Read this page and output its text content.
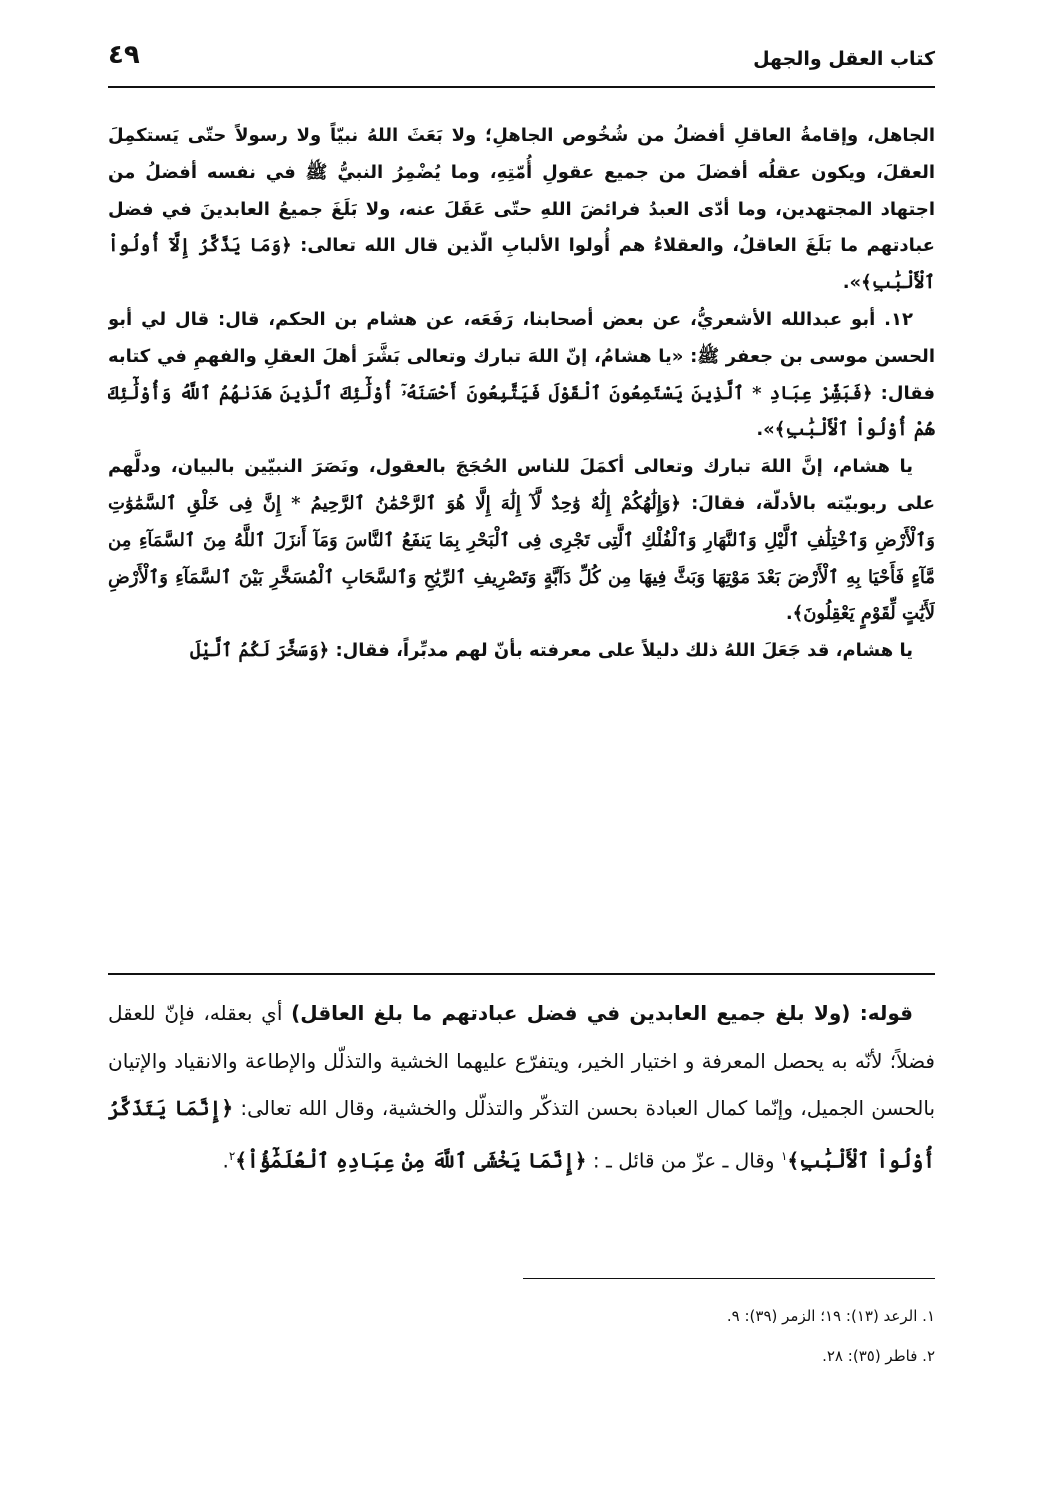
كتاب العقل والجهل
٤٩

الجاهل، وإقامةُ العاقلِ أفضلُ من شُخُوص الجاهلِ؛ ولا بَعَثَ اللهُ نبيّاً ولا رسولاً حتّى يَستكمِلَ العقلَ، ويكون عقلُه أفضلَ من جميع عقولِ أُمّتِهِ، وما يُضْمِرُ النبيُّ ﷺ في نفسه أفضلُ من اجتهاد المجتهدين، وما أدّى العبدُ فرائضَ اللهِ حتّى عَقَلَ عنه، ولا بَلَغَ جميعُ العابدينَ في فضل عبادتهم ما بَلَغَ العاقلُ، والعقلاءُ هم أُولوا الألبابِ الّذين قال الله تعالى: ﴿وَمَا يَذَّكَّرُ إِلَّآ أُولُواْ ٱلْأَلْبَٰبِ﴾».

١٢. أبو عبدالله الأشعريُّ، عن بعض أصحابنا، رَفَعَه، عن هشام بن الحكم، قال: قال لي أبو الحسن موسى بن جعفر ﷺ: «يا هشامُ، إنّ اللهَ تبارك وتعالى بَشَّرَ أهلَ العقلِ والفهمِ في كتابه فقال: ﴿فَبَشِّرْ عِبَادِ * ٱلَّذِينَ يَسْتَمِعُونَ ٱلْقَوْلَ فَيَتَّبِعُونَ أَحْسَنَهُۥٓ أُوْلَٰٓئِكَ ٱلَّذِينَ هَدَىٰهُمُ ٱللَّهُ وَأُوْلَٰٓئِكَ هُمْ أُوْلُواْ ٱلْأَلْبَٰبِ﴾».

يا هشام، إنَّ اللهَ تبارك وتعالى أكمَلَ للناس الحُجَجَ بالعقول، ونَصَرَ النبيّين بالبيان، ودلَّهم على ربوبيّته بالأدلّة، فقالَ: ﴿وَإِلَٰهُكُمْ إِلَٰهٌ وَٰحِدٌ لَّآ إِلَٰهَ إِلَّا هُوَ ٱلرَّحْمَٰنُ ٱلرَّحِيمُ * إِنَّ فِى خَلْقِ ٱلسَّمَٰوَٰتِ وَٱلْأَرْضِ وَٱخْتِلَٰفِ ٱلَّيْلِ وَٱلنَّهَارِ وَٱلْفُلْكِ ٱلَّتِى تَجْرِى فِى ٱلْبَحْرِ بِمَا يَنفَعُ ٱلنَّاسَ وَمَآ أَنزَلَ ٱللَّهُ مِنَ ٱلسَّمَآءِ مِن مَّآءٍ فَأَحْيَا بِهِ ٱلْأَرْضَ بَعْدَ مَوْتِهَا وَبَثَّ فِيهَا مِن كُلِّ دَآبَّةٍ وَتَصْرِيفِ ٱلرِّيَٰحِ وَٱلسَّحَابِ ٱلْمُسَخَّرِ بَيْنَ ٱلسَّمَآءِ وَٱلْأَرْضِ لَأَيَٰتٍ لِّقَوْمٍ يَعْقِلُونَ﴾.

يا هشام، قد جَعَلَ اللهُ ذلك دليلاً على معرفته بأنّ لهم مدبِّراً، فقال: ﴿وَسَخَّرَ لَكُمُ ٱلَّيْلَ

قوله: (ولا بلغ جميع العابدين في فضل عبادتهم ما بلغ العاقل) أي بعقله، فإنّ للعقل فضلاً؛ لأنّه به يحصل المعرفة و اختيار الخير، ويتفرّع عليهما الخشية والتذلّل والإطاعة والانقياد والإتيان بالحسن الجميل، وإنّما كمال العبادة بحسن التذكّر والتذلّل والخشية، وقال الله تعالى: ﴿إِنَّمَا يَتَذَكَّرُ أُوْلُواْ ٱلْأَلْبَٰبِ﴾$^١$ وقال ـ عزّ من قائل ـ : ﴿إِنَّمَا يَخْشَى ٱللَّهَ مِنْ عِبَادِهِ ٱلْعُلَمَٰٓؤُاْ﴾$^٢$.

١. الرعد (١٣): ١٩؛ الزمر (٣٩): ٩.
٢. فاطر (٣٥): ٢٨.
